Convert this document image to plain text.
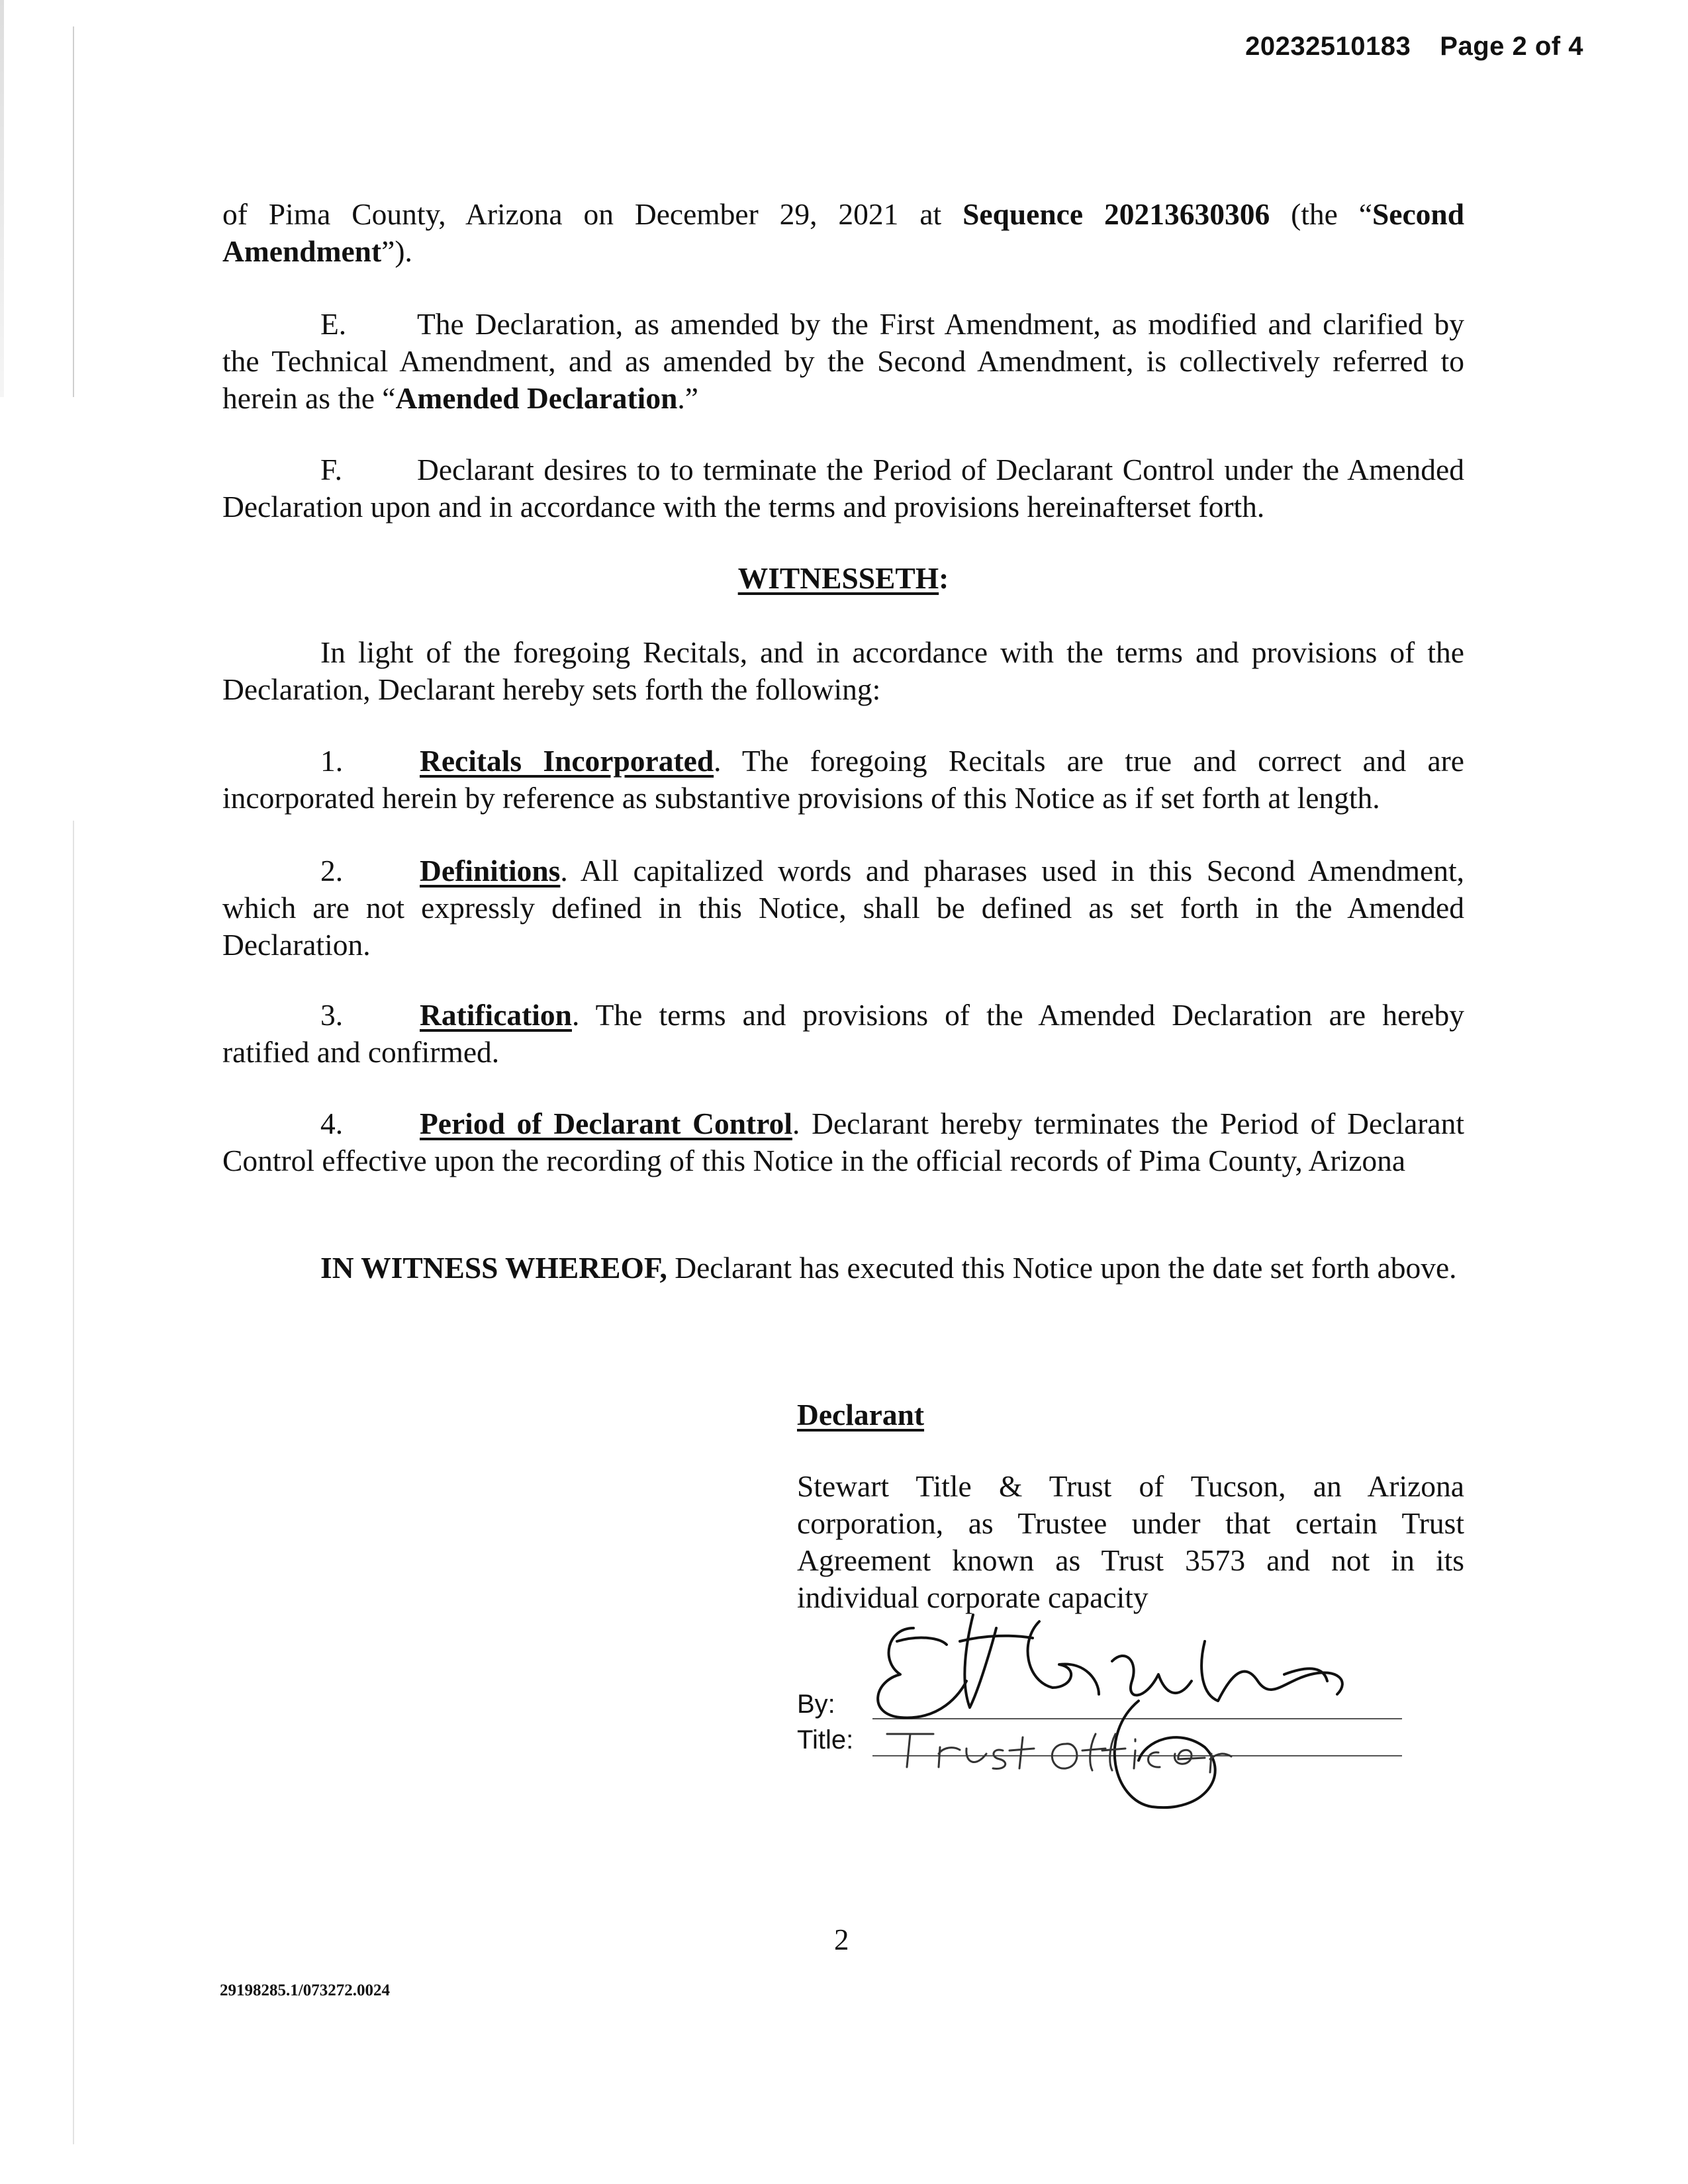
20232510183 Page 2 of 4

of Pima County, Arizona on December 29, 2021 at Sequence 20213630306 (the “Second Amendment”).

E. The Declaration, as amended by the First Amendment, as modified and clarified by the Technical Amendment, and as amended by the Second Amendment, is collectively referred to herein as the “Amended Declaration.”

F. Declarant desires to to terminate the Period of Declarant Control under the Amended Declaration upon and in accordance with the terms and provisions hereinafterset forth.

WITNESSETH:

In light of the foregoing Recitals, and in accordance with the terms and provisions of the Declaration, Declarant hereby sets forth the following:

1.	Recitals Incorporated. The foregoing Recitals are true and correct and are incorporated herein by reference as substantive provisions of this Notice as if set forth at length.

2.	Definitions. All capitalized words and pharases used in this Second Amendment, which are not expressly defined in this Notice, shall be defined as set forth in the Amended Declaration.

3.	Ratification. The terms and provisions of the Amended Declaration are hereby ratified and confirmed.

4.	Period of Declarant Control. Declarant hereby terminates the Period of Declarant Control effective upon the recording of this Notice in the official records of Pima County, Arizona

IN WITNESS WHEREOF, Declarant has executed this Notice upon the date set forth above.

Declarant
Stewart Title & Trust of Tucson, an Arizona corporation, as Trustee under that certain Trust Agreement known as Trust 3573 and not in its individual corporate capacity
By:
Title:
2
29198285.1/073272.0024
